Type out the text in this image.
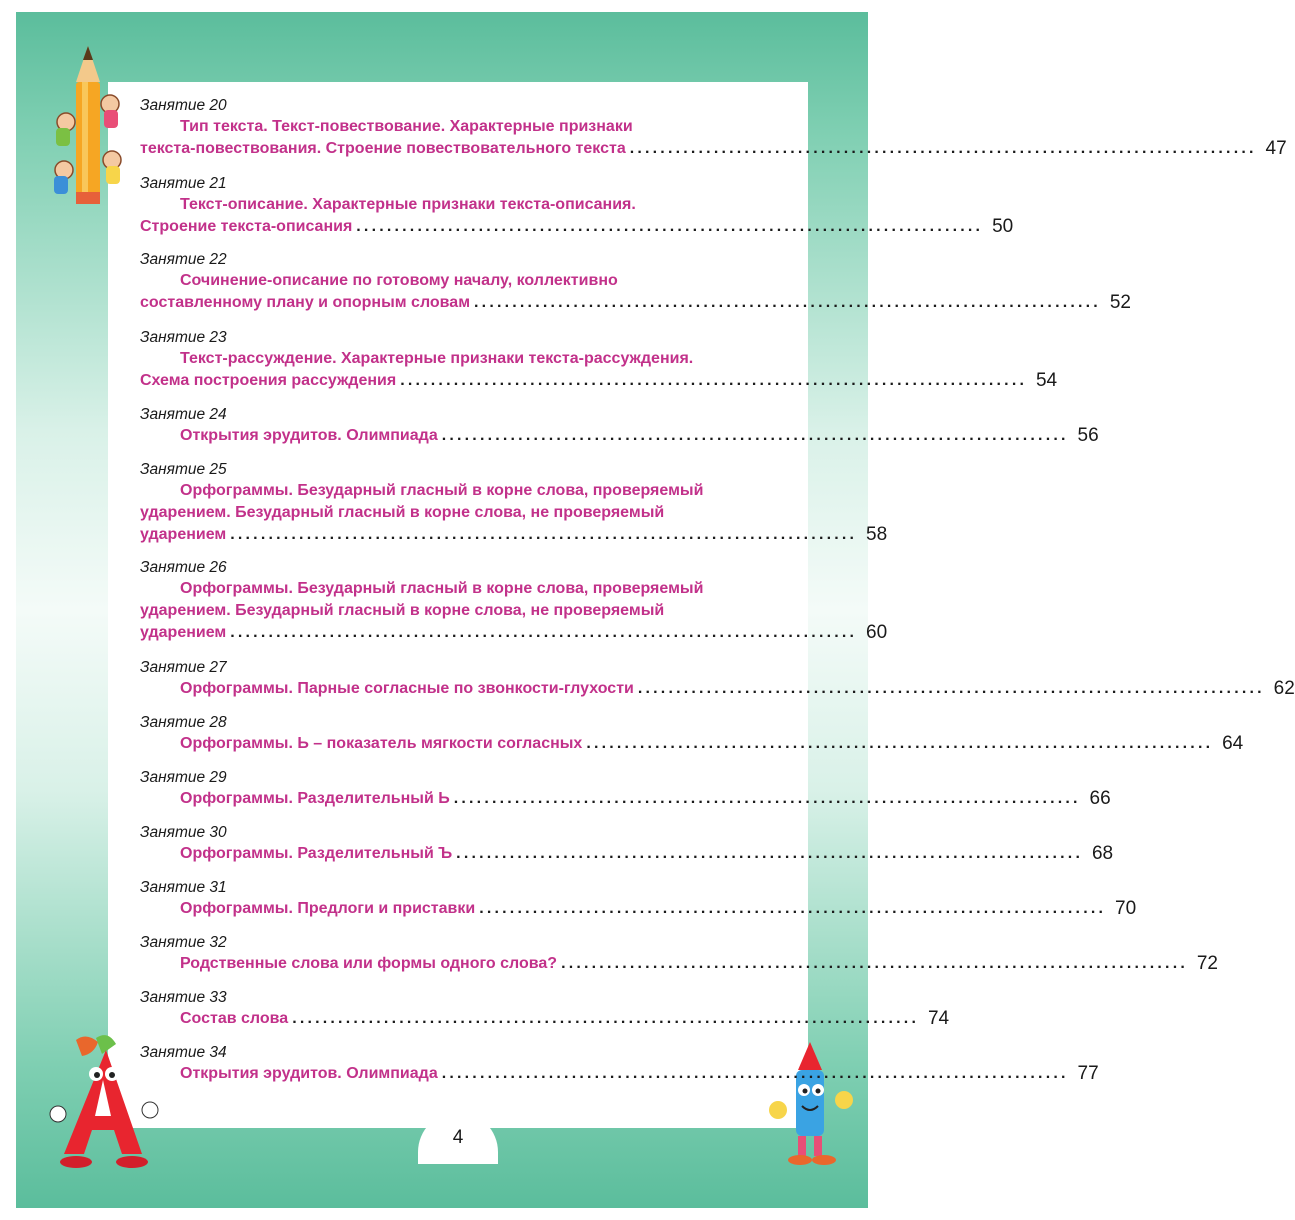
Занятие 20
Тип текста. Текст-повествование. Характерные признаки
текста-повествования. Строение повествовательного текста .................................................................................. 47
Занятие 21
Текст-описание. Характерные признаки текста-описания.
Строение текста-описания .................................................................................. 50
Занятие 22
Сочинение-описание по готовому началу, коллективно
составленному плану и опорным словам .................................................................................. 52
Занятие 23
Текст-рассуждение. Характерные признаки текста-рассуждения.
Схема построения рассуждения .................................................................................. 54
Занятие 24
Открытия эрудитов. Олимпиада .................................................................................. 56
Занятие 25
Орфограммы. Безударный гласный в корне слова, проверяемый
ударением. Безударный гласный в корне слова, не проверяемый
ударением .................................................................................. 58
Занятие 26
Орфограммы. Безударный гласный в корне слова, проверяемый
ударением. Безударный гласный в корне слова, не проверяемый
ударением .................................................................................. 60
Занятие 27
Орфограммы. Парные согласные по звонкости-глухости .................................................................................. 62
Занятие 28
Орфограммы. Ь – показатель мягкости согласных .................................................................................. 64
Занятие 29
Орфограммы. Разделительный Ь .................................................................................. 66
Занятие 30
Орфограммы. Разделительный Ъ .................................................................................. 68
Занятие 31
Орфограммы. Предлоги и приставки .................................................................................. 70
Занятие 32
Родственные слова или формы одного слова? .................................................................................. 72
Занятие 33
Состав слова .................................................................................. 74
Занятие 34
Открытия эрудитов. Олимпиада .................................................................................. 77
4
